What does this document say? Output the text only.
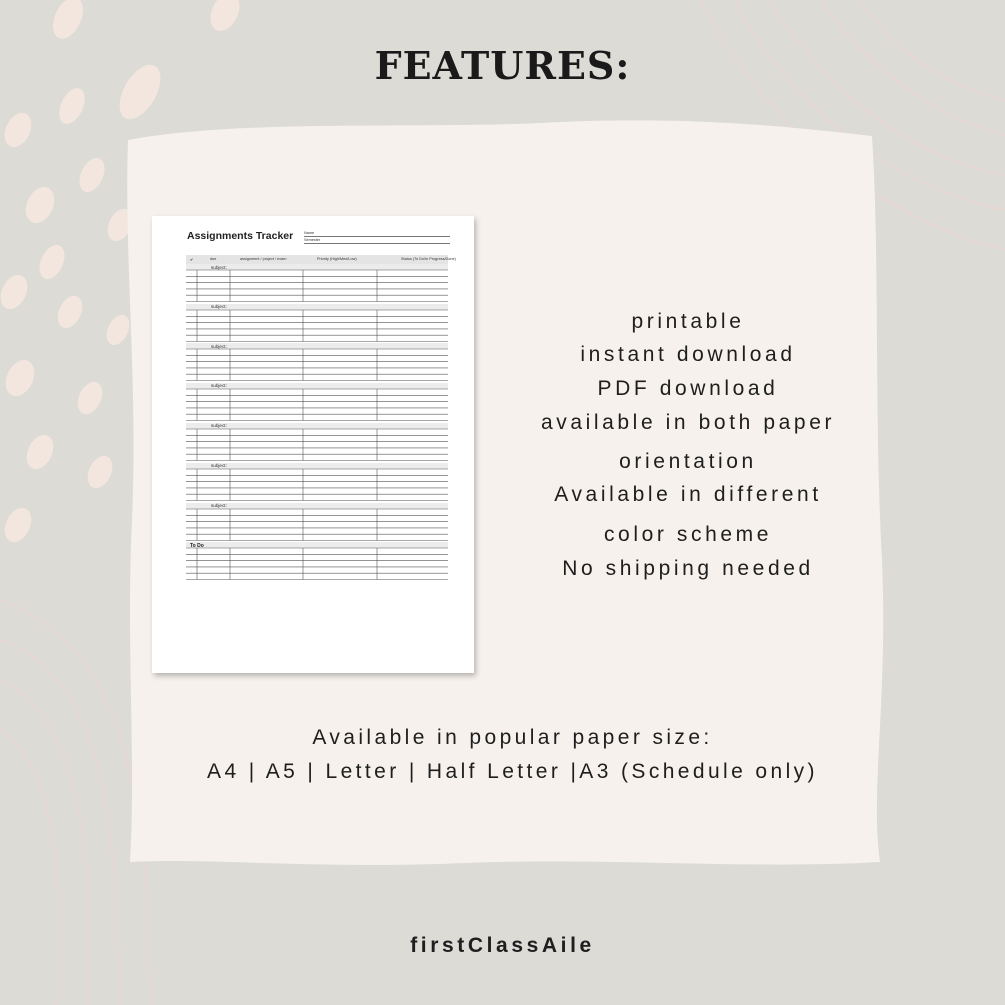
FEATURES:

Assignments Tracker	Name
Semester
✔	due	assignment / project / exam	Priority (High/Med/Low)	Status (To Do/In Progress/Done)
subject:
subject:
subject:
subject:
subject:
subject:
subject:
To Do
printable
instant download
PDF download
available in both paper
orientation
Available in different
color scheme
No shipping needed

Available in popular paper size:

A4 | A5 | Letter | Half Letter |A3 (Schedule only)

firstClassAile
